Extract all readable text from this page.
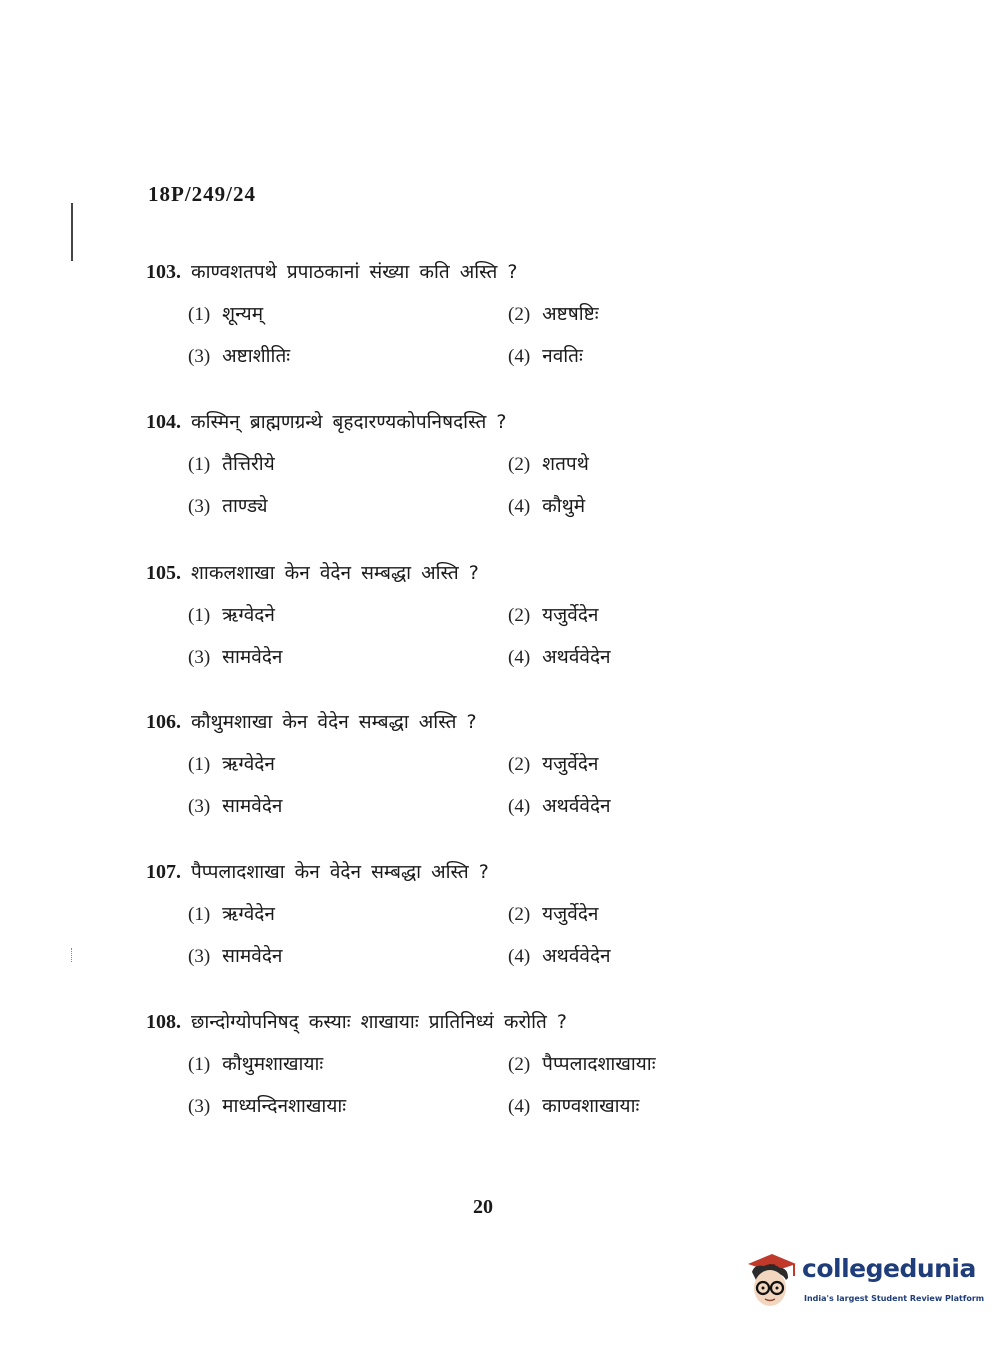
18P/249/24
103. काण्वशतपथे प्रपाठकानां संख्या कति अस्ति ?
(1) शून्यम्	(2) अष्टषष्टिः
(3) अष्टाशीतिः	(4) नवतिः
104. कस्मिन् ब्राह्मणग्रन्थे बृहदारण्यकोपनिषदस्ति ?
(1) तैत्तिरीये	(2) शतपथे
(3) ताण्ड्ये	(4) कौथुमे
105. शाकलशाखा केन वेदेन सम्बद्धा अस्ति ?
(1) ऋग्वेदने	(2) यजुर्वेदेन
(3) सामवेदेन	(4) अथर्ववेदेन
106. कौथुमशाखा केन वेदेन सम्बद्धा अस्ति ?
(1) ऋग्वेदेन	(2) यजुर्वेदेन
(3) सामवेदेन	(4) अथर्ववेदेन
107. पैप्पलादशाखा केन वेदेन सम्बद्धा अस्ति ?
(1) ऋग्वेदेन	(2) यजुर्वेदेन
(3) सामवेदेन	(4) अथर्ववेदेन
108. छान्दोग्योपनिषद् कस्याः शाखायाः प्रातिनिध्यं करोति ?
(1) कौथुमशाखायाः	(2) पैप्पलादशाखायाः
(3) माध्यन्दिनशाखायाः	(4) काण्वशाखायाः
20
collegedunia
India's largest Student Review Platform
